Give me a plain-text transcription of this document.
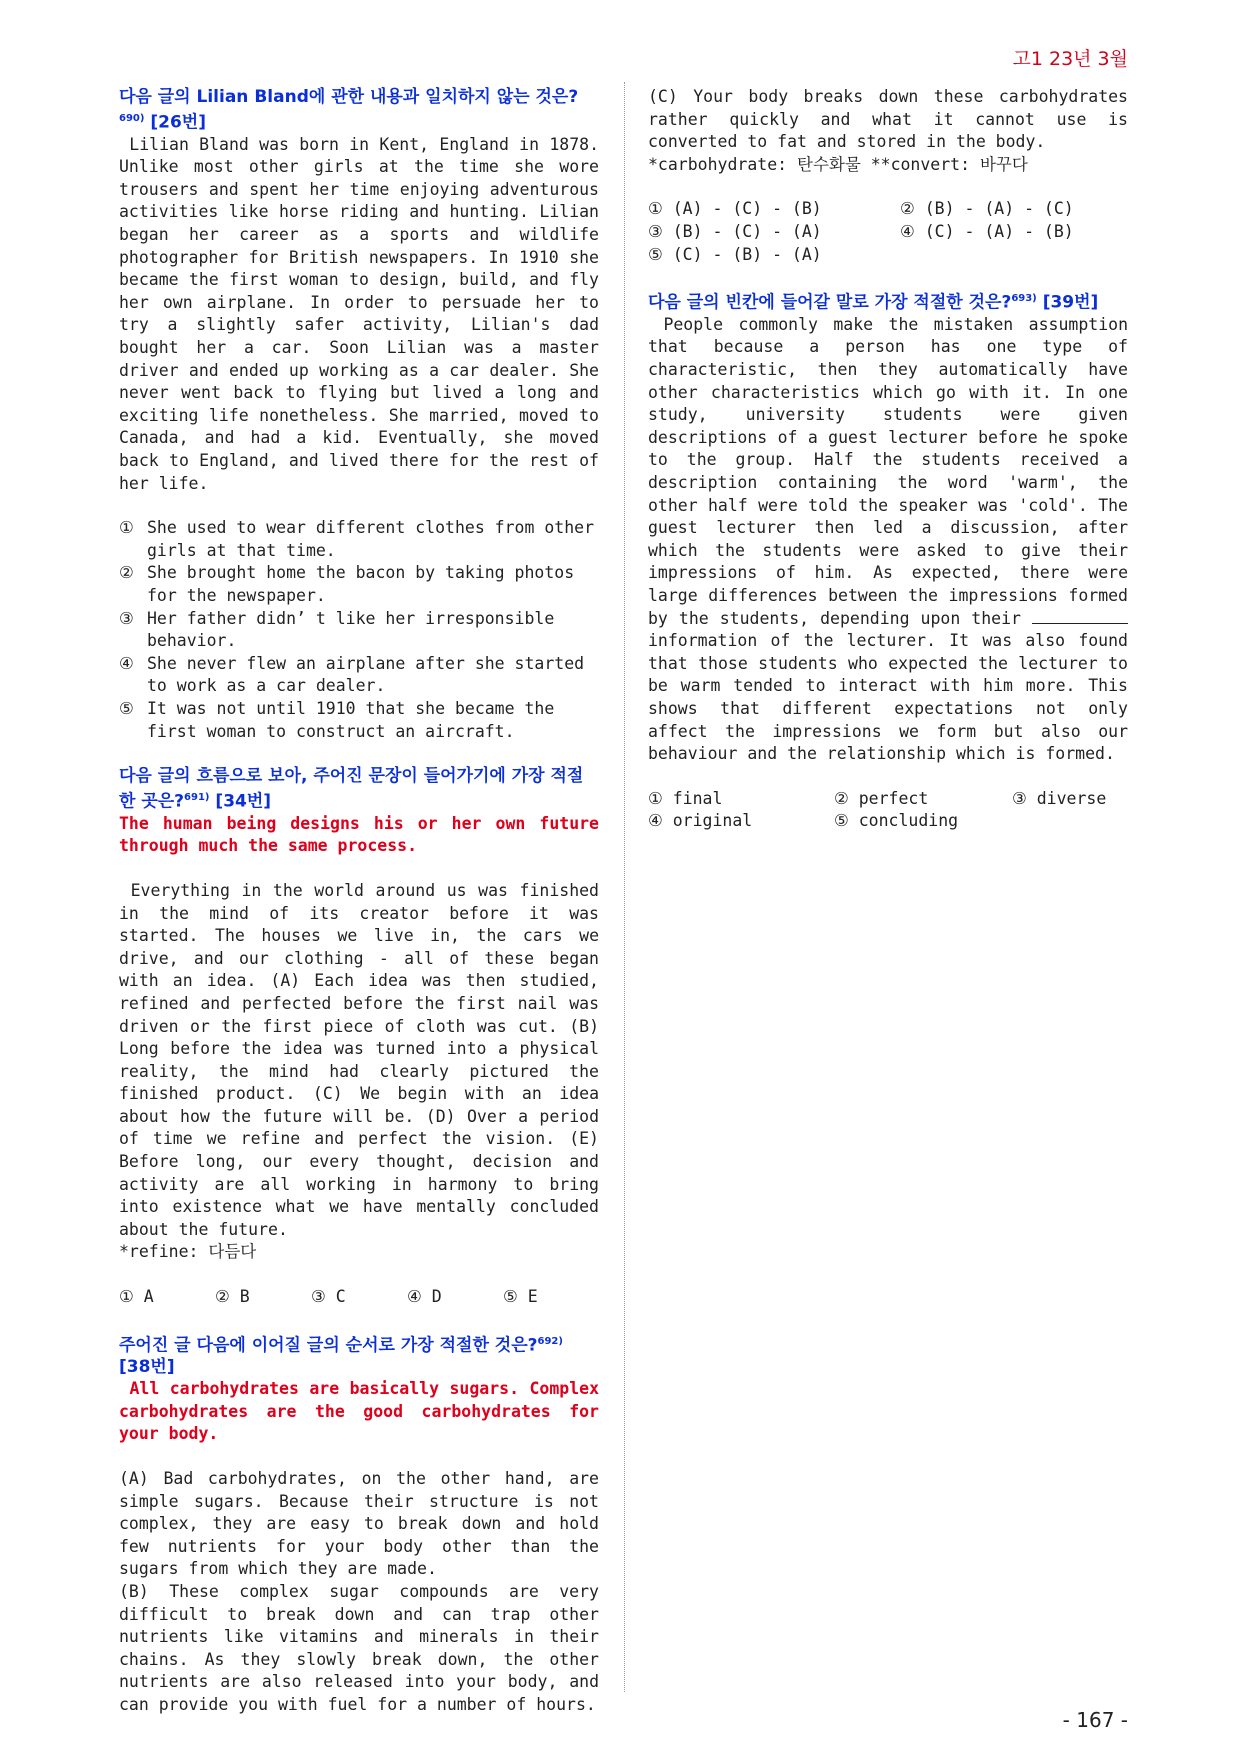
고1 23년 3월
다음 글의 Lilian Bland에 관한 내용과 일치하지 않는 것은?$^{690)}$ [26번]

Lilian Bland was born in Kent, England in 1878. Unlike most other girls at the time she wore trousers and spent her time enjoying adventurous activities like horse riding and hunting. Lilian began her career as a sports and wildlife photographer for British newspapers. In 1910 she became the first woman to design, build, and fly her own airplane. In order to persuade her to try a slightly safer activity, Lilian's dad bought her a car. Soon Lilian was a master driver and ended up working as a car dealer. She never went back to flying but lived a long and exciting life nonetheless. She married, moved to Canada, and had a kid. Eventually, she moved back to England, and lived there for the rest of her life.

① She used to wear different clothes from other girls at that time.
② She brought home the bacon by taking photos for the newspaper.
③ Her father didn’ t like her irresponsible behavior.
④ She never flew an airplane after she started to work as a car dealer.
⑤ It was not until 1910 that she became the first woman to construct an aircraft.
다음 글의 흐름으로 보아, 주어진 문장이 들어가기에 가장 적절한 곳은?$^{691)}$ [34번]
The human being designs his or her own future through much the same process.

Everything in the world around us was finished in the mind of its creator before it was started. The houses we live in, the cars we drive, and our clothing - all of these began with an idea. (A) Each idea was then studied, refined and perfected before the first nail was driven or the first piece of cloth was cut. (B) Long before the idea was turned into a physical reality, the mind had clearly pictured the finished product. (C) We begin with an idea about how the future will be. (D) Over a period of time we refine and perfect the vision. (E) Before long, our every thought, decision and activity are all working in harmony to bring into existence what we have mentally concluded about the future.

*refine: 다듬다

① A	② B	③ C	④ D	⑤ E
주어진 글 다음에 이어질 글의 순서로 가장 적절한 것은?$^{692)}$ [38번]
All carbohydrates are basically sugars. Complex carbohydrates are the good carbohydrates for your body.

(A) Bad carbohydrates, on the other hand, are simple sugars. Because their structure is not complex, they are easy to break down and hold few nutrients for your body other than the sugars from which they are made.

(B) These complex sugar compounds are very difficult to break down and can trap other nutrients like vitamins and minerals in their chains. As they slowly break down, the other nutrients are also released into your body, and can provide you with fuel for a number of hours.

(C) Your body breaks down these carbohydrates rather quickly and what it cannot use is converted to fat and stored in the body.

*carbohydrate: 탄수화물 **convert: 바꾸다

① (A) - (C) - (B)	② (B) - (A) - (C)
③ (B) - (C) - (A)	④ (C) - (A) - (B)
⑤ (C) - (B) - (A)
다음 글의 빈칸에 들어갈 말로 가장 적절한 것은?$^{693)}$ [39번]

People commonly make the mistaken assumption that because a person has one type of characteristic, then they automatically have other characteristics which go with it. In one study, university students were given descriptions of a guest lecturer before he spoke to the group. Half the students received a description containing the word 'warm', the other half were told the speaker was 'cold'. The guest lecturer then led a discussion, after which the students were asked to give their impressions of him. As expected, there were large differences between the impressions formed by the students, depending upon their  information of the lecturer. It was also found that those students who expected the lecturer to be warm tended to interact with him more. This shows that different expectations not only affect the impressions we form but also our behaviour and the relationship which is formed.

① final	② perfect	③ diverse
④ original	⑤ concluding
- 167 -
